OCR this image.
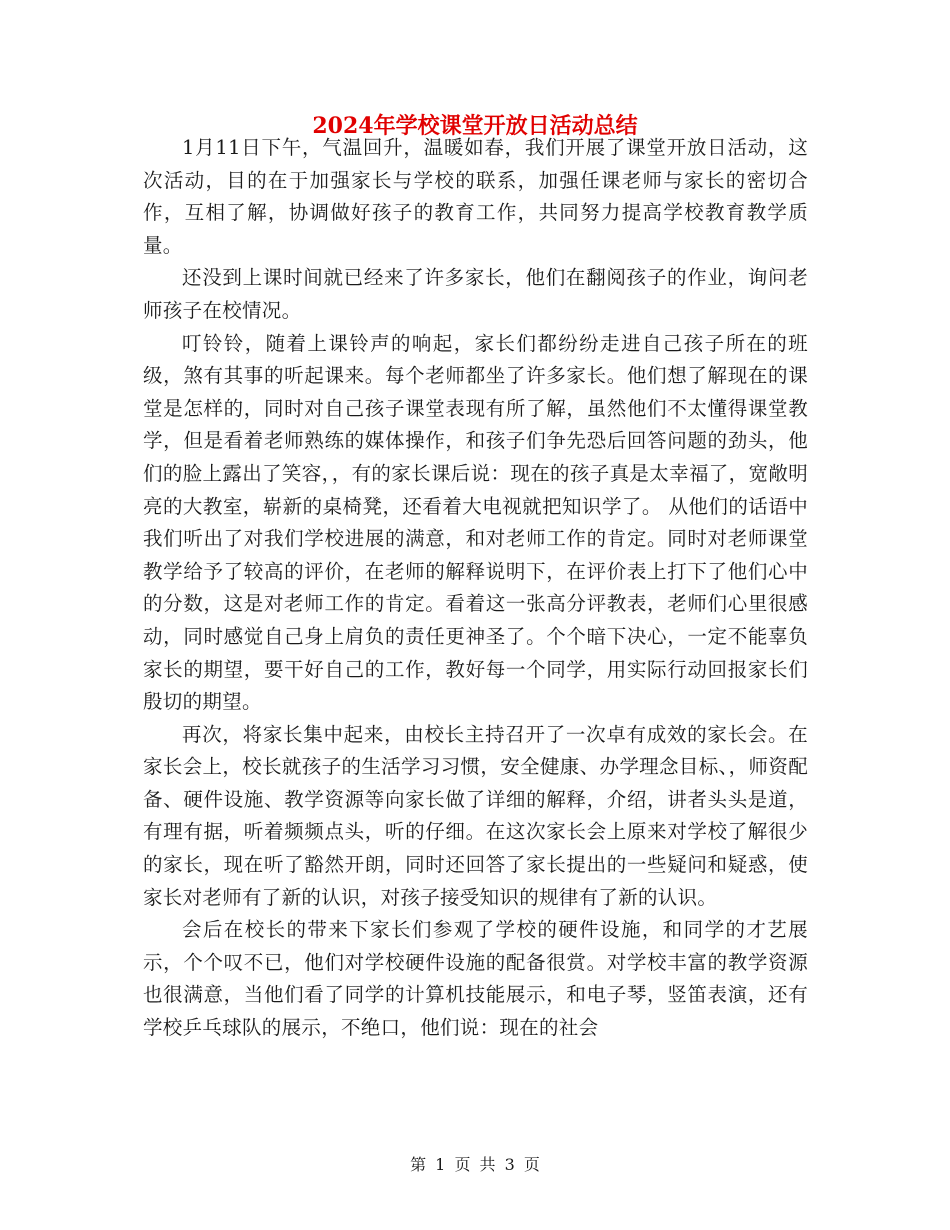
2024年学校课堂开放日活动总结

1月11日下午，气温回升，温暖如春，我们开展了课堂开放日活动，这次活动，目的在于加强家长与学校的联系，加强任课老师与家长的密切合作，互相了解，协调做好孩子的教育工作，共同努力提高学校教育教学质量。

还没到上课时间就已经来了许多家长，他们在翻阅孩子的作业，询问老师孩子在校情况。

叮铃铃，随着上课铃声的响起，家长们都纷纷走进自己孩子所在的班级，煞有其事的听起课来。每个老师都坐了许多家长。他们想了解现在的课堂是怎样的，同时对自己孩子课堂表现有所了解，虽然他们不太懂得课堂教学，但是看着老师熟练的媒体操作，和孩子们争先恐后回答问题的劲头，他们的脸上露出了笑容，，有的家长课后说：现在的孩子真是太幸福了，宽敞明亮的大教室，崭新的桌椅凳，还看着大电视就把知识学了。 从他们的话语中我们听出了对我们学校进展的满意，和对老师工作的肯定。同时对老师课堂教学给予了较高的评价，在老师的解释说明下，在评价表上打下了他们心中的分数，这是对老师工作的肯定。看着这一张高分评教表，老师们心里很感动，同时感觉自己身上肩负的责任更神圣了。个个暗下决心，一定不能辜负家长的期望，要干好自己的工作，教好每一个同学，用实际行动回报家长们殷切的期望。

再次，将家长集中起来，由校长主持召开了一次卓有成效的家长会。在家长会上，校长就孩子的生活学习习惯，安全健康、办学理念目标、，师资配备、硬件设施、教学资源等向家长做了详细的解释，介绍，讲者头头是道，有理有据，听着频频点头，听的仔细。在这次家长会上原来对学校了解很少的家长，现在听了豁然开朗，同时还回答了家长提出的一些疑问和疑惑，使家长对老师有了新的认识，对孩子接受知识的规律有了新的认识。

会后在校长的带来下家长们参观了学校的硬件设施，和同学的才艺展示，个个叹不已，他们对学校硬件设施的配备很赏。对学校丰富的教学资源也很满意，当他们看了同学的计算机技能展示，和电子琴，竖笛表演，还有学校乒乓球队的展示，不绝口，他们说：现在的社会

第 1 页 共 3 页
